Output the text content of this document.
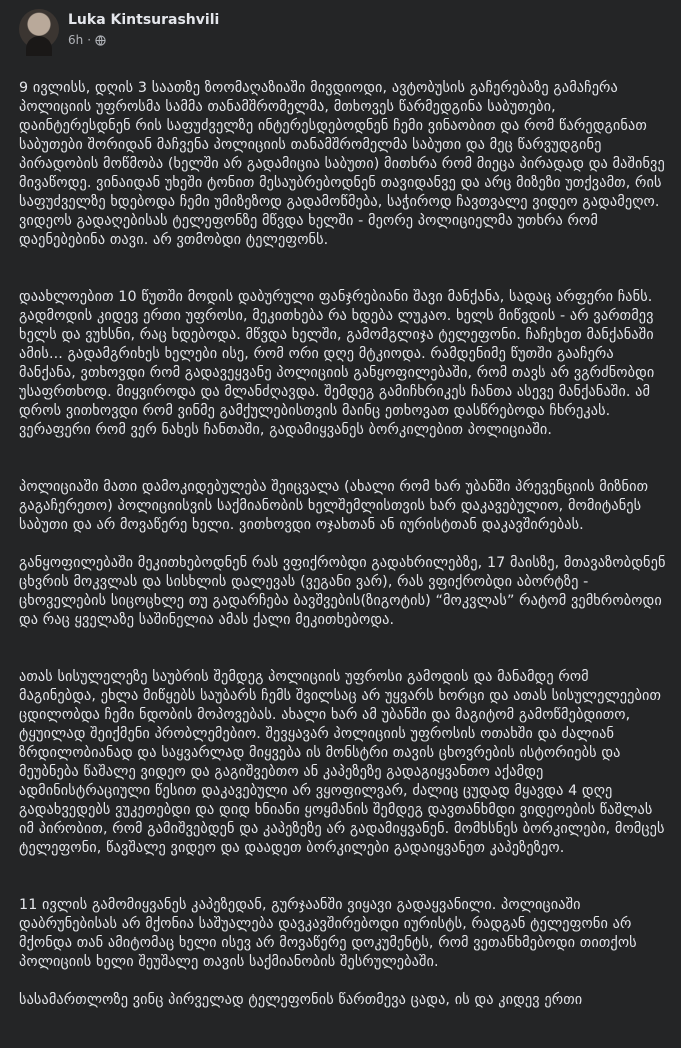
Luka Kintsurashvili
6h ·

9 ივლისს, დღის 3 საათზე ზოომაღაზიაში მივდიოდი, ავტობუსის გაჩერებაზე გამაჩერა პოლიციის უფროსმა სამმა თანამშრომელმა, მთხოვეს წარმედგინა საბუთები, დაინტერესდნენ რის საფუძველზე ინტერესდებოდნენ ჩემი ვინაობით და რომ წარედგინათ საბუთები შორიდან მაჩვენა პოლიციის თანამშრომელმა საბუთი და მეც წარვუდგინე პირადობის მოწმობა (ხელში არ გადამიცია საბუთი) მითხრა რომ მიეცა პირადად და მაშინვე მივაწოდე. ვინაიდან უხეში ტონით მესაუბრებოდნენ თავიდანვე და არც მიზეზი უთქვამთ, რის საფუძველზე ხდებოდა ჩემი უმიზეზოდ გადამოწმება, საჭიროდ ჩავთვალე ვიდეო გადამეღო. ვიდეოს გადაღებისას ტელეფონზე მწვდა ხელში - მეორე პოლიციელმა უთხრა რომ დაენებებინა თავი. არ ვთმობდი ტელეფონს.

დაახლოებით 10 წუთში მოდის დაბურული ფანჯრებიანი შავი მანქანა, სადაც არფერი ჩანს. გადმოდის კიდევ ერთი უფროსი, მეკითხება რა ხდება ლუკაო. ხელს მიწვდის - არ ვართმევ ხელს და ვუხსნი, რაც ხდებოდა. მწვდა ხელში, გამომგლიჯა ტელეფონი. ჩაჩეხეთ მანქანაში ამის... გადამგრიხეს ხელები ისე, რომ ორი დღე მტკიოდა. რამდენიმე წუთში გააჩერა მანქანა, ვთხოვდი რომ გადავეყვანე პოლიციის განყოფილებაში, რომ თავს არ ვგრძნობდი უსაფრთხოდ. მიყვიროდა და მლანძღავდა. შემდეგ გამიჩხრიკეს ჩანთა ასევე მანქანაში. ამ დროს ვითხოვდი რომ ვინმე გამქულებისთვის მაინც ეთხოვათ დასწრებოდა ჩხრეკას. ვერაფერი რომ ვერ ნახეს ჩანთაში, გადამიყვანეს ბორკილებით პოლიციაში.

პოლიციაში მათი დამოკიდებულება შეიცვალა (ახალი რომ ხარ უბანში პრევენციის მიზნით გაგაჩერეთო) პოლიციისვის საქმიანობის ხელშემლისთვის ხარ დაკავებულიო, მომიტანეს საბუთი და არ მოვაწერე ხელი. ვითხოვდი ოჯახთან ან იურისტთან დაკავშირებას.

განყოფილებაში მეკითხებოდნენ რას ვფიქრობდი გადახრილებზე, 17 მაისზე, მთავაზობდნენ ცხვრის მოკვლას და სისხლის დალევას (ვეგანი ვარ), რას ვფიქრობდი აბორტზე - ცხოველების სიცოცხლე თუ გადარჩება ბავშვების(ზიგოტის) “მოკვლას” რატომ ვემხრობოდი და რაც ყველაზე საშინელია ამას ქალი მეკითხებოდა.

ათას სისულელეზე საუბრის შემდეგ პოლიციის უფროსი გამოდის და მანამდე რომ მაგინებდა, ეხლა მიწყებს საუბარს ჩემს შვილსაც არ უყვარს ხორცი და ათას სისულელეებით ცდილობდა ჩემი ნდობის მოპოვებას. ახალი ხარ ამ უბანში და მაგიტომ გამოწმებდითო, ტყუილად შეიქმენი პრობლემებიო. შევყავარ პოლიციის უფროსის ოთახში და ძალიან ზრდილობიანად და საყვარლად მიყვება ის მონსტრი თავის ცხოვრების ისტორიებს და მეუბნება წაშალე ვიდეო და გაგიშვებთო ან კაპეზეზე გადაგიყვანთო აქამდე ადმინისტრაციული წესით დაკავებული არ ვყოფილვარ, ძალიც ცუდად მყავდა 4 დღე გადახვედებს ვუკეთებდი და დიდ ხნიანი ყოყმანის შემდეგ დავთანხმდი ვიდეოების წაშლას იმ პირობით, რომ გამიშვებდენ და კაპეზეზე არ გადამიყვანენ. მომხსნეს ბორკილები, მომცეს ტელეფონი, წავშალე ვიდეო და დაადეთ ბორკილები გადაიყვანეთ კაპეზეზეო.

11 ივლის გამომიყვანეს კაპეზედან, გურჯაანში ვიყავი გადაყვანილი. პოლიციაში დაბრუნებისას არ მქონია საშუალება დავკავშირებოდი იურისტს, რადგან ტელეფონი არ მქონდა თან ამიტომაც ხელი ისევ არ მოვაწერე დოკუმენტს, რომ ვეთანხმებოდი თითქოს პოლიციის ხელი შეუშალე თავის საქმიანობის შესრულებაში.

სასამართლოზე ვინც პირველად ტელეფონის წართმევა ცადა, ის და კიდევ ერთი
